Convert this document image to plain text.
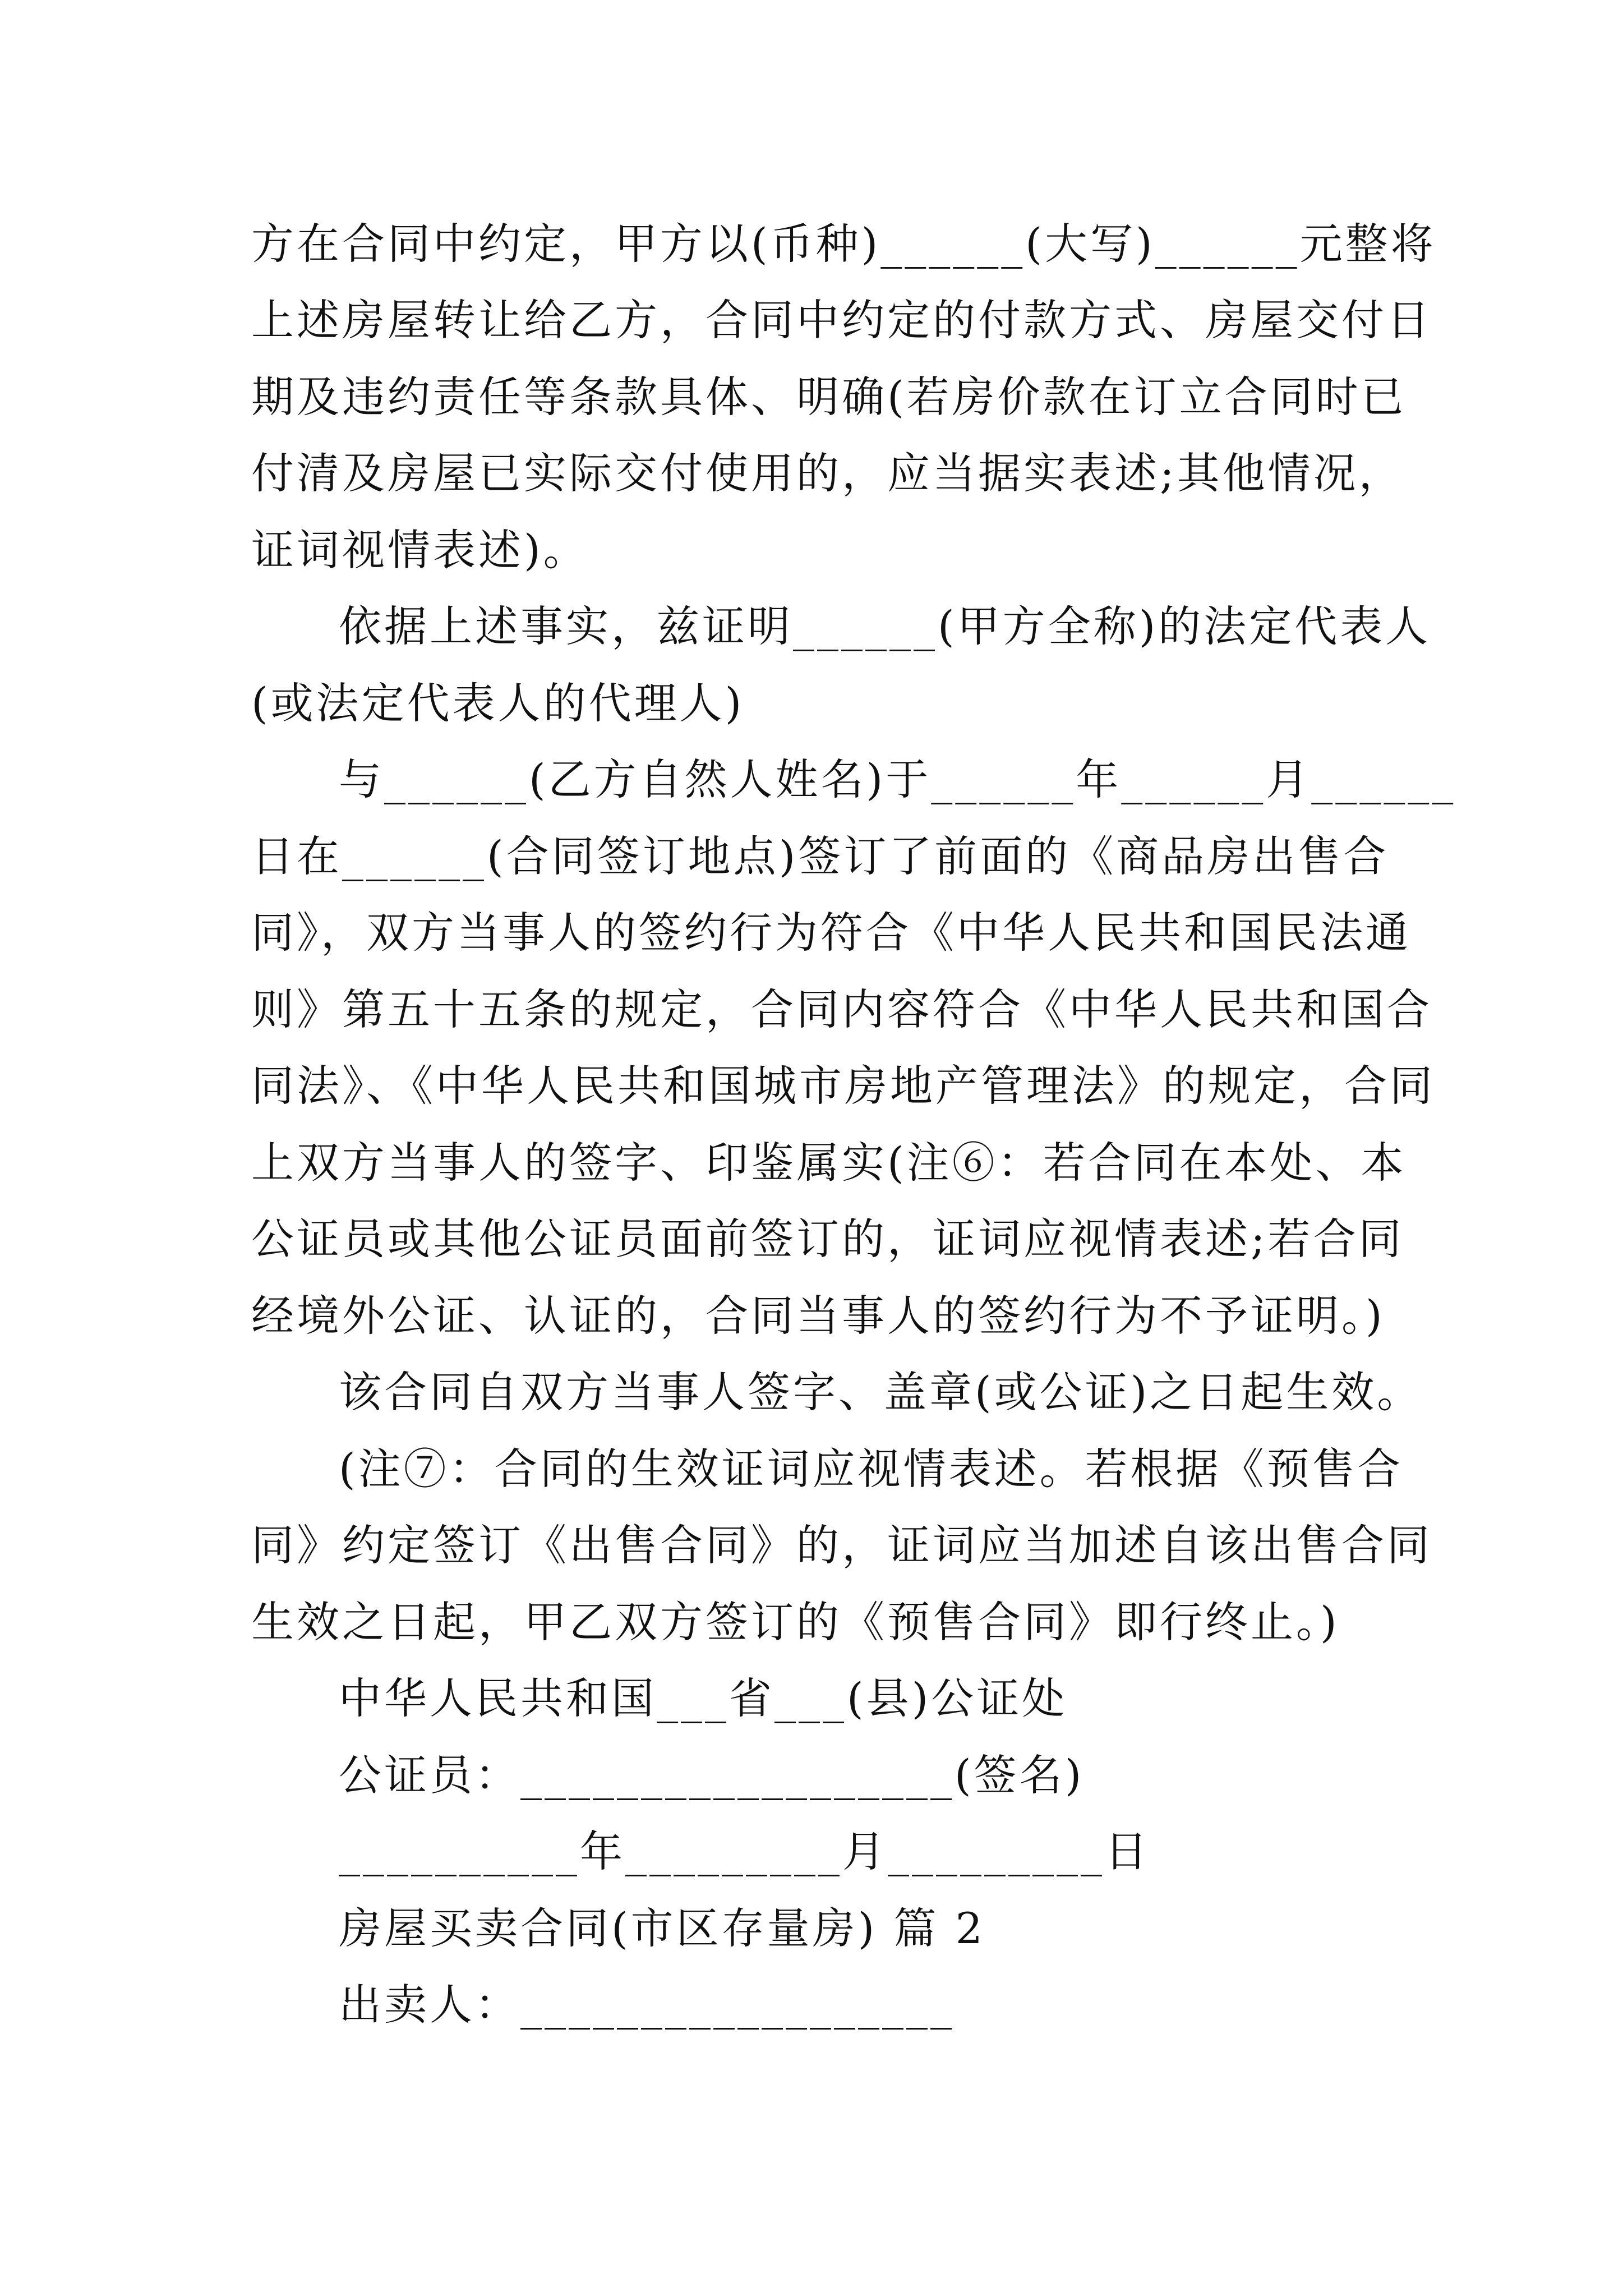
方在合同中约定，甲方以(币种)______(大写)______元整将
上述房屋转让给乙方，合同中约定的付款方式、房屋交付日
期及违约责任等条款具体、明确(若房价款在订立合同时已
付清及房屋已实际交付使用的，应当据实表述;其他情况，
证词视情表述)。
依据上述事实，兹证明______(甲方全称)的法定代表人
(或法定代表人的代理人)
与______(乙方自然人姓名)于______年______月______
日在______(合同签订地点)签订了前面的《商品房出售合
同》，双方当事人的签约行为符合《中华人民共和国民法通
则》第五十五条的规定，合同内容符合《中华人民共和国合
同法》、《中华人民共和国城市房地产管理法》的规定，合同
上双方当事人的签字、印鉴属实(注⑥：若合同在本处、本
公证员或其他公证员面前签订的，证词应视情表述;若合同
经境外公证、认证的，合同当事人的签约行为不予证明。)
该合同自双方当事人签字、盖章(或公证)之日起生效。
(注⑦：合同的生效证词应视情表述。若根据《预售合
同》约定签订《出售合同》的，证词应当加述自该出售合同
生效之日起，甲乙双方签订的《预售合同》即行终止。)
中华人民共和国___省___(县)公证处
公证员：__________________(签名)
__________年_________月_________日
房屋买卖合同(市区存量房) 篇 2
出卖人：__________________
